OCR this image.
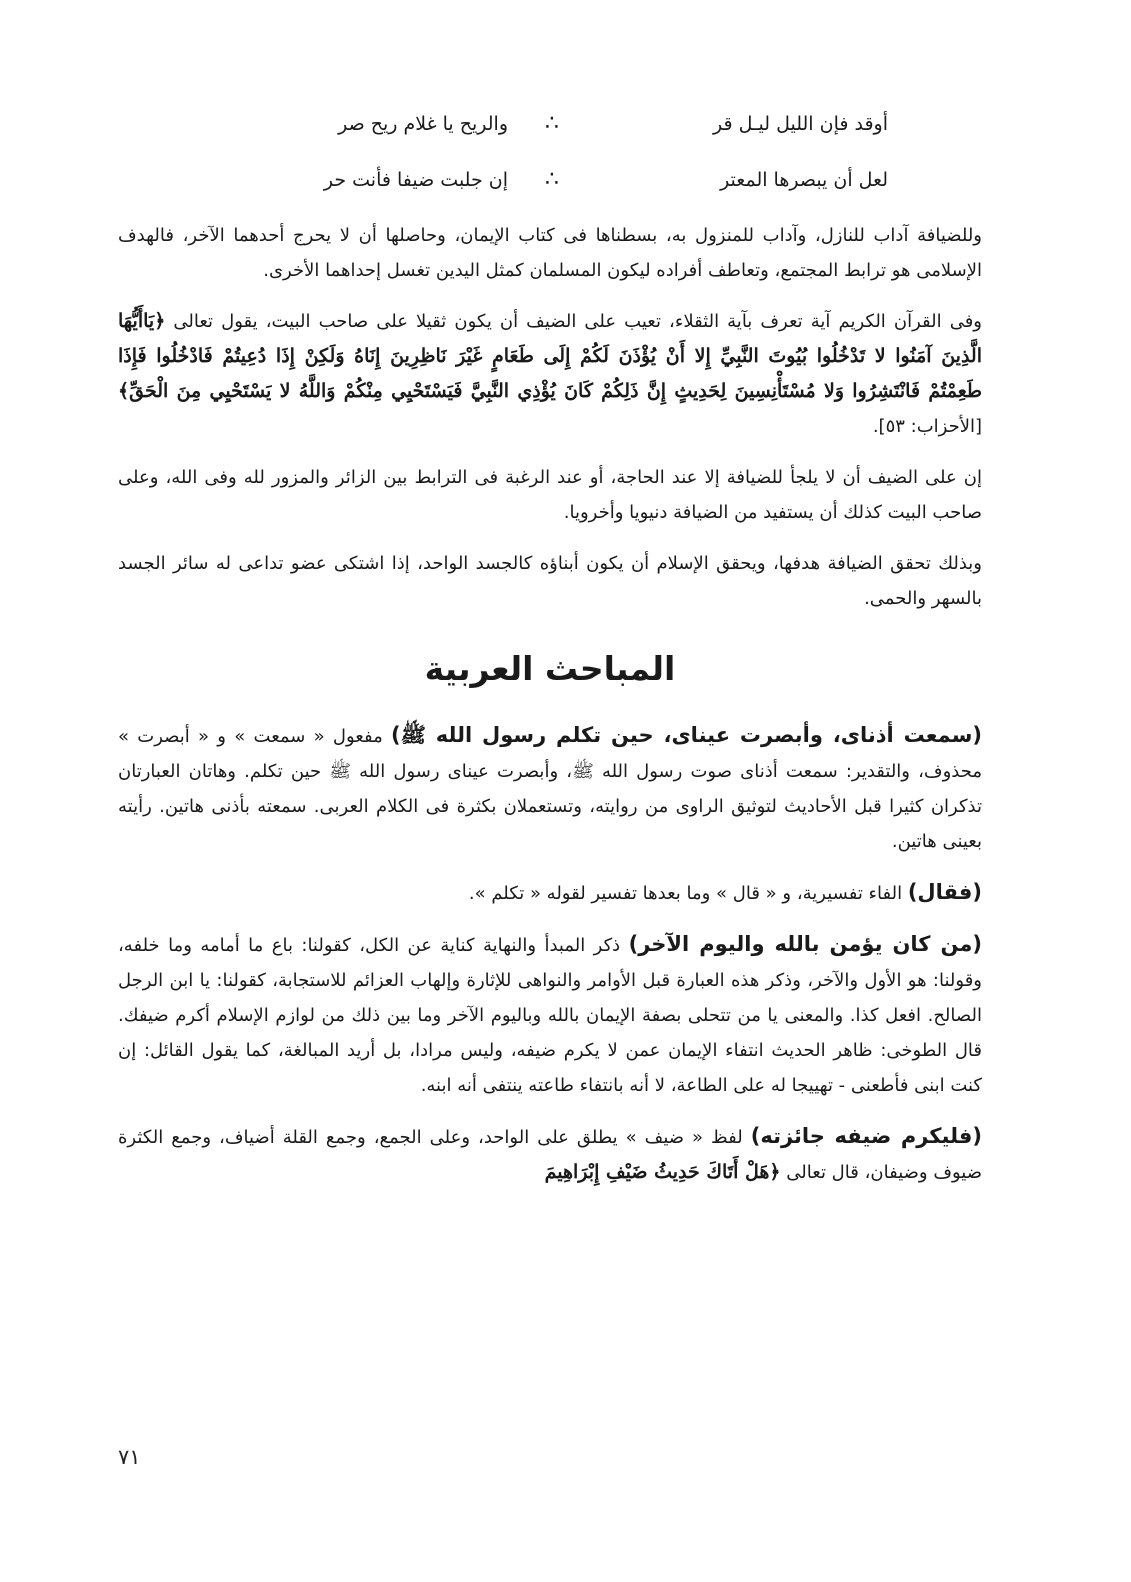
أوقد فإن الليل ليـل قر
∴
والريح يا غلام ريح صر
لعل أن يبصرها المعتر
∴
إن جلبت ضيفا فأنت حر

وللضيافة آداب للنازل، وآداب للمنزول به، بسطناها فى كتاب الإيمان، وحاصلها أن لا يحرج أحدهما الآخر، فالهدف الإسلامى هو ترابط المجتمع، وتعاطف أفراده ليكون المسلمان كمثل اليدين تغسل إحداهما الأخرى.

وفى القرآن الكريم آية تعرف بآية الثقلاء، تعيب على الضيف أن يكون ثقيلا على صاحب البيت، يقول تعالى ﴿يَاأَيُّهَا الَّذِينَ آمَنُوا لا تَدْخُلُوا بُيُوتَ النَّبِيِّ إِلا أَنْ يُؤْذَنَ لَكُمْ إِلَى طَعَامٍ غَيْرَ نَاظِرِينَ إِنَاهُ وَلَكِنْ إِذَا دُعِيتُمْ فَادْخُلُوا فَإِذَا طَعِمْتُمْ فَانْتَشِرُوا وَلا مُسْتَأْنِسِينَ لِحَدِيثٍ إِنَّ ذَلِكُمْ كَانَ يُؤْذِي النَّبِيَّ فَيَسْتَحْيِي مِنْكُمْ وَاللَّهُ لا يَسْتَحْيِي مِنَ الْحَقِّ﴾ [الأحزاب: ٥٣].

إن على الضيف أن لا يلجأ للضيافة إلا عند الحاجة، أو عند الرغبة فى الترابط بين الزائر والمزور لله وفى الله، وعلى صاحب البيت كذلك أن يستفيد من الضيافة دنيويا وأخرويا.

وبذلك تحقق الضيافة هدفها، ويحقق الإسلام أن يكون أبناؤه كالجسد الواحد، إذا اشتكى عضو تداعى له سائر الجسد بالسهر والحمى.

المباحث العربية

(سمعت أذناى، وأبصرت عيناى، حين تكلم رسول الله ﷺ) مفعول « سمعت » و « أبصرت » محذوف، والتقدير: سمعت أذناى صوت رسول الله ﷺ، وأبصرت عيناى رسول الله ﷺ حين تكلم. وهاتان العبارتان تذكران كثيرا قبل الأحاديث لتوثيق الراوى من روايته، وتستعملان بكثرة فى الكلام العربى. سمعته بأذنى هاتين. رأيته بعينى هاتين.

(فقال) الفاء تفسيرية، و « قال » وما بعدها تفسير لقوله « تكلم ».

(من كان يؤمن بالله واليوم الآخر) ذكر المبدأ والنهاية كناية عن الكل، كقولنا: باع ما أمامه وما خلفه، وقولنا: هو الأول والآخر، وذكر هذه العبارة قبل الأوامر والنواهى للإثارة وإلهاب العزائم للاستجابة، كقولنا: يا ابن الرجل الصالح. افعل كذا. والمعنى يا من تتحلى بصفة الإيمان بالله وباليوم الآخر وما بين ذلك من لوازم الإسلام أكرم ضيفك. قال الطوخى: ظاهر الحديث انتفاء الإيمان عمن لا يكرم ضيفه، وليس مرادا، بل أريد المبالغة، كما يقول القائل: إن كنت ابنى فأطعنى - تهييجا له على الطاعة، لا أنه بانتفاء طاعته ينتفى أنه ابنه.

(فليكرم ضيفه جائزته) لفظ « ضيف » يطلق على الواحد، وعلى الجمع، وجمع القلة أضياف، وجمع الكثرة ضيوف وضيفان، قال تعالى ﴿هَلْ أَتَاكَ حَدِيثُ ضَيْفِ إِبْرَاهِيمَ

٧١
